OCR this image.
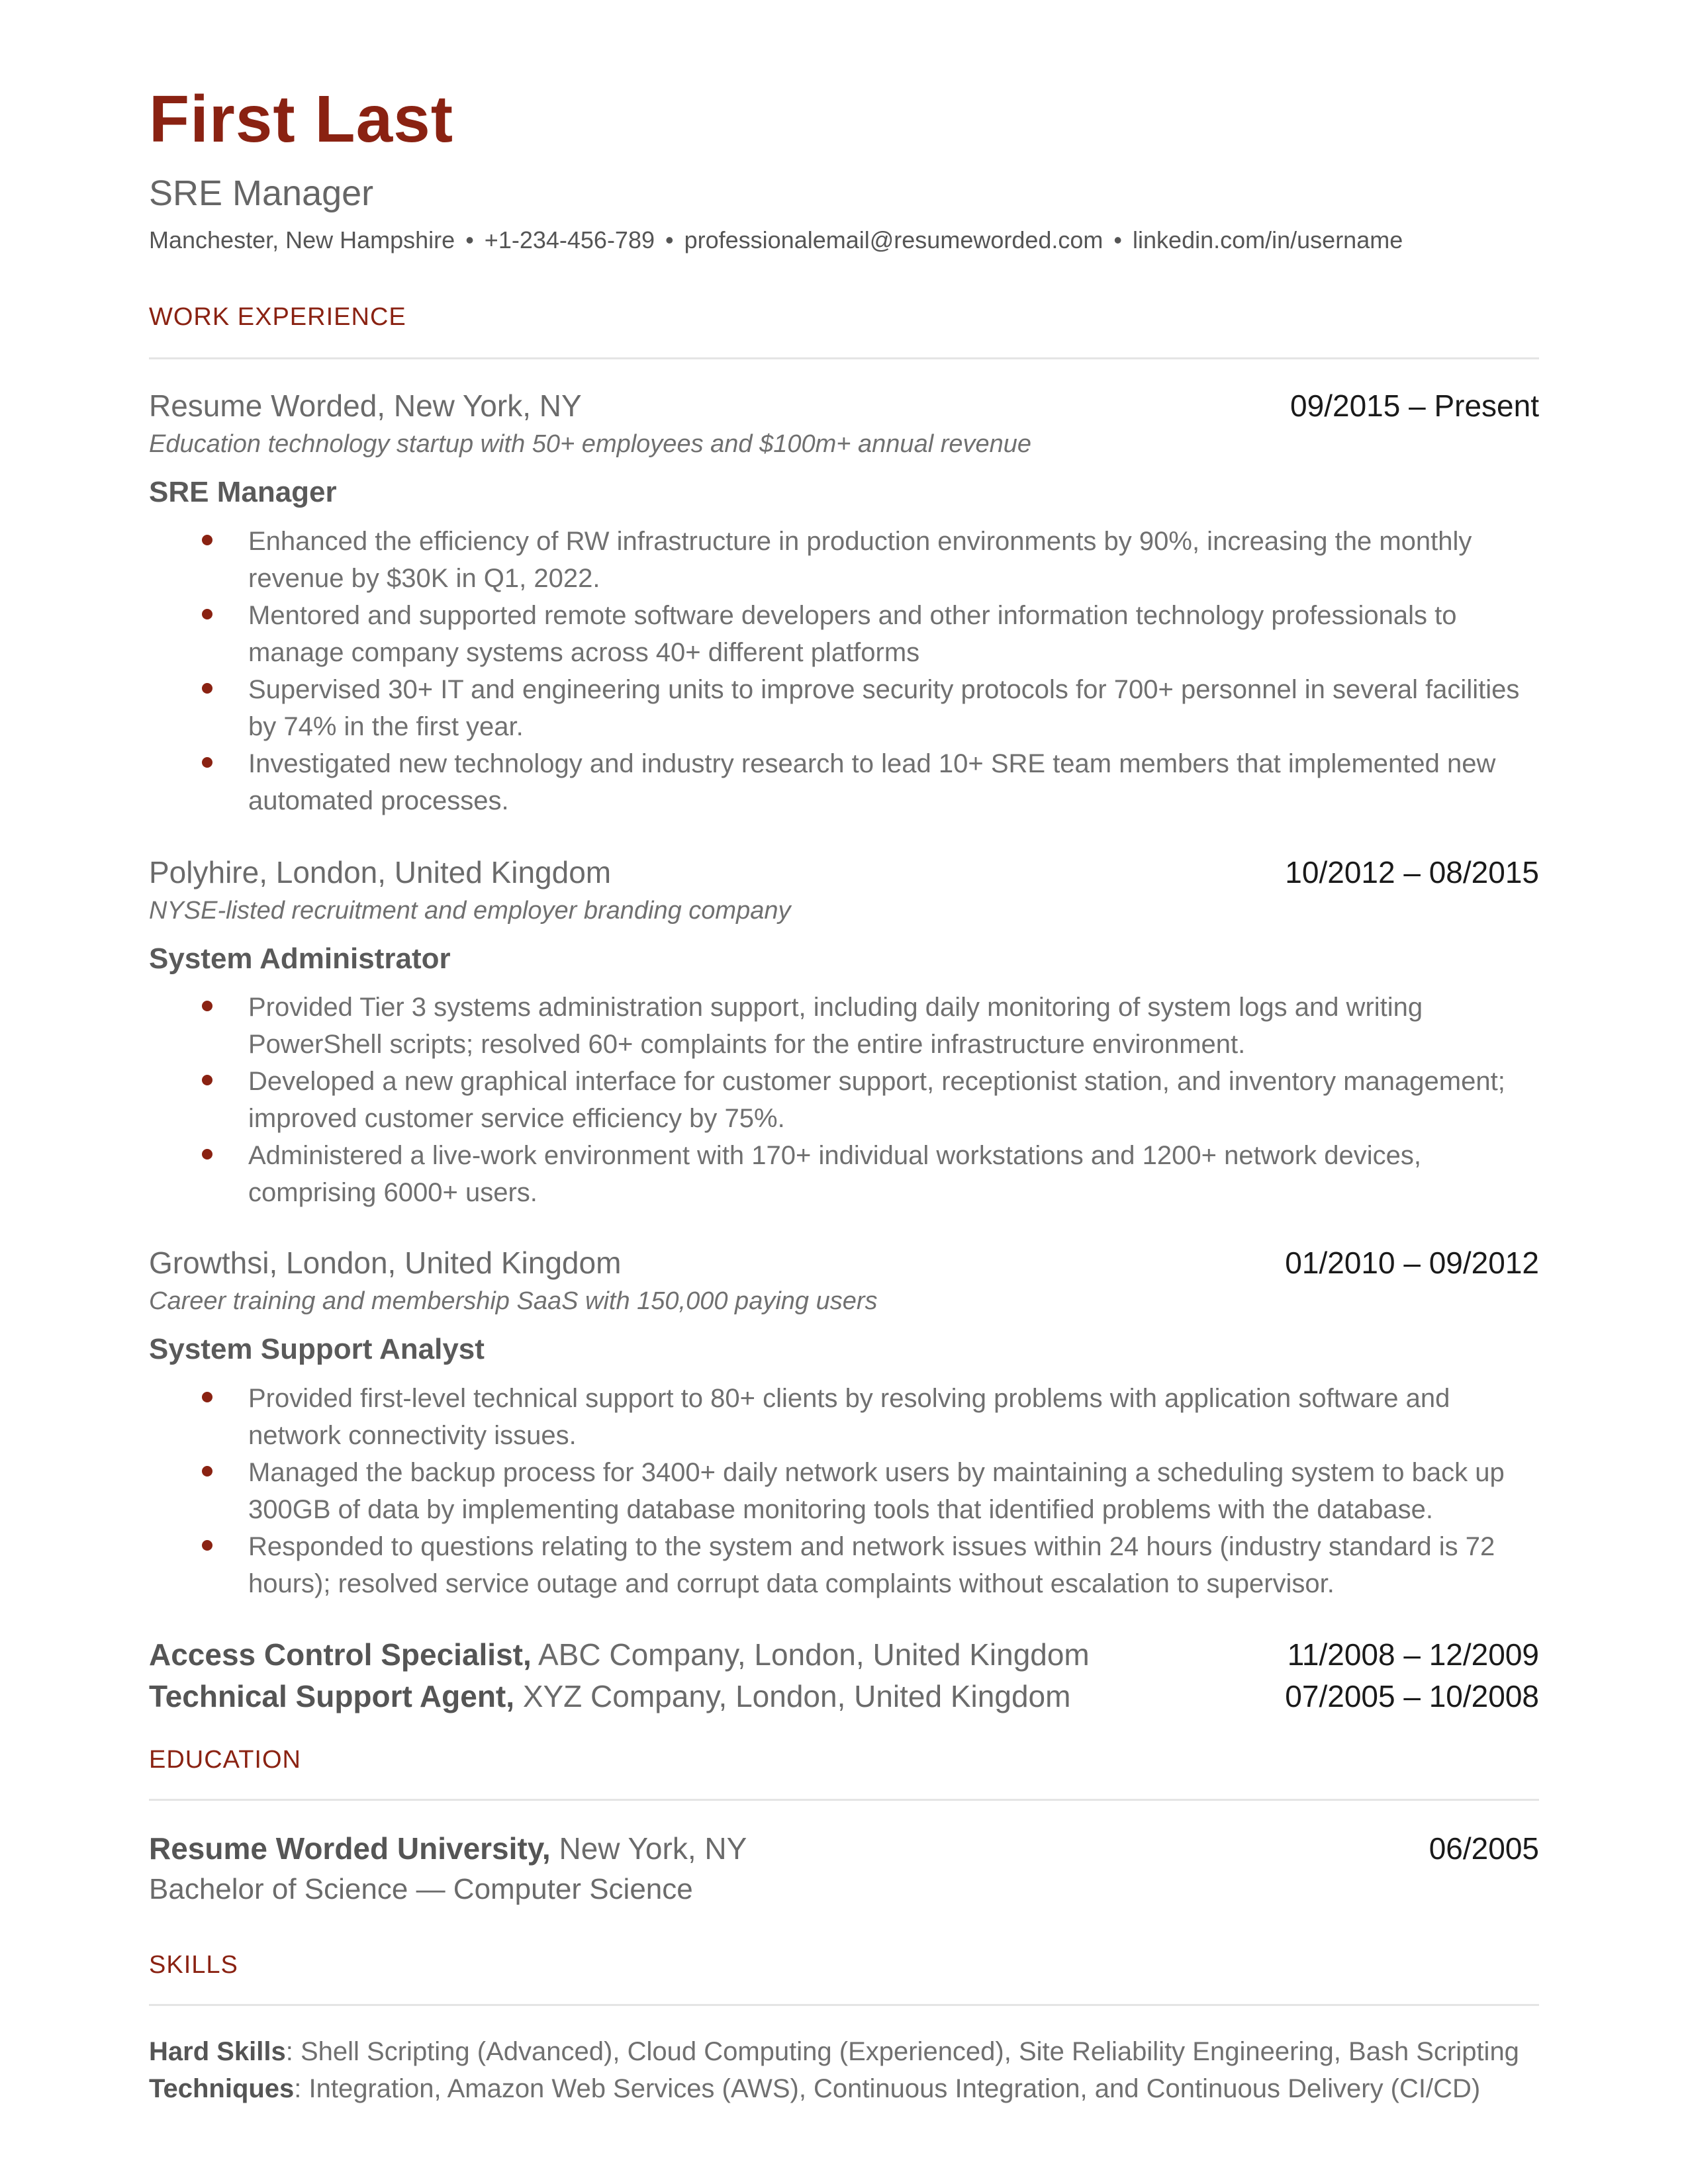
First Last
SRE Manager
Manchester, New Hampshire • +1-234-456-789 • professionalemail@resumeworded.com • linkedin.com/in/username
WORK EXPERIENCE
Resume Worded, New York, NY	09/2015 – Present
Education technology startup with 50+ employees and $100m+ annual revenue
SRE Manager
Enhanced the efficiency of RW infrastructure in production environments by 90%, increasing the monthly revenue by $30K in Q1, 2022.
Mentored and supported remote software developers and other information technology professionals to manage company systems across 40+ different platforms
Supervised 30+ IT and engineering units to improve security protocols for 700+ personnel in several facilities by 74% in the first year.
Investigated new technology and industry research to lead 10+ SRE team members that implemented new automated processes.
Polyhire, London, United Kingdom	10/2012 – 08/2015
NYSE-listed recruitment and employer branding company
System Administrator
Provided Tier 3 systems administration support, including daily monitoring of system logs and writing PowerShell scripts; resolved 60+ complaints for the entire infrastructure environment.
Developed a new graphical interface for customer support, receptionist station, and inventory management; improved customer service efficiency by 75%.
Administered a live-work environment with 170+ individual workstations and 1200+ network devices, comprising 6000+ users.
Growthsi, London, United Kingdom	01/2010 – 09/2012
Career training and membership SaaS with 150,000 paying users
System Support Analyst
Provided first-level technical support to 80+ clients by resolving problems with application software and network connectivity issues.
Managed the backup process for 3400+ daily network users by maintaining a scheduling system to back up 300GB of data by implementing database monitoring tools that identified problems with the database.
Responded to questions relating to the system and network issues within 24 hours (industry standard is 72 hours); resolved service outage and corrupt data complaints without escalation to supervisor.
Access Control Specialist, ABC Company, London, United Kingdom	11/2008 – 12/2009
Technical Support Agent, XYZ Company, London, United Kingdom	07/2005 – 10/2008
EDUCATION
Resume Worded University, New York, NY	06/2005
Bachelor of Science — Computer Science
SKILLS
Hard Skills: Shell Scripting (Advanced), Cloud Computing (Experienced), Site Reliability Engineering, Bash Scripting
Techniques: Integration, Amazon Web Services (AWS), Continuous Integration, and Continuous Delivery (CI/CD)
